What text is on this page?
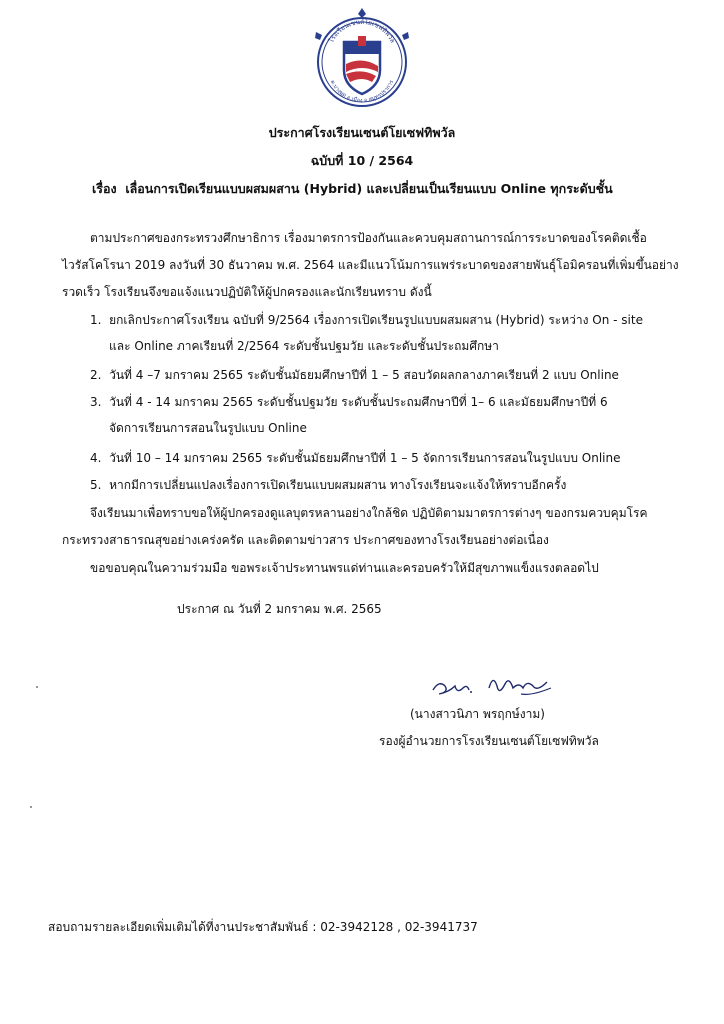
โรงเรียนเซนต์โยเซฟทิพวัล
ต.บางพูด อ.เมือง จ.สมุทรปราการ
ประกาศโรงเรียนเซนต์โยเซฟทิพวัล
ฉบับที่ 10 / 2564
เรื่อง เลื่อนการเปิดเรียนแบบผสมผสาน (Hybrid) และเปลี่ยนเป็นเรียนแบบ Online ทุกระดับชั้น
ตามประกาศของกระทรวงศึกษาธิการ เรื่องมาตรการป้องกันและควบคุมสถานการณ์การระบาดของโรคติดเชื้อ
ไวรัสโคโรนา 2019 ลงวันที่ 30 ธันวาคม พ.ศ. 2564 และมีแนวโน้มการแพร่ระบาดของสายพันธุ์โอมิครอนที่เพิ่มขึ้นอย่าง
รวดเร็ว โรงเรียนจึงขอแจ้งแนวปฏิบัติให้ผู้ปกครองและนักเรียนทราบ ดังนี้
1. ยกเลิกประกาศโรงเรียน ฉบับที่ 9/2564 เรื่องการเปิดเรียนรูปแบบผสมผสาน (Hybrid) ระหว่าง On - site
และ Online ภาคเรียนที่ 2/2564 ระดับชั้นปฐมวัย และระดับชั้นประถมศึกษา
2. วันที่ 4 –7 มกราคม 2565 ระดับชั้นมัธยมศึกษาปีที่ 1 – 5 สอบวัดผลกลางภาคเรียนที่ 2 แบบ Online
3. วันที่ 4 - 14 มกราคม 2565 ระดับชั้นปฐมวัย ระดับชั้นประถมศึกษาปีที่ 1– 6 และมัธยมศึกษาปีที่ 6
จัดการเรียนการสอนในรูปแบบ Online
4. วันที่ 10 – 14 มกราคม 2565 ระดับชั้นมัธยมศึกษาปีที่ 1 – 5 จัดการเรียนการสอนในรูปแบบ Online
5. หากมีการเปลี่ยนแปลงเรื่องการเปิดเรียนแบบผสมผสาน ทางโรงเรียนจะแจ้งให้ทราบอีกครั้ง
จึงเรียนมาเพื่อทราบขอให้ผู้ปกครองดูแลบุตรหลานอย่างใกล้ชิด ปฏิบัติตามมาตรการต่างๆ ของกรมควบคุมโรค
กระทรวงสาธารณสุขอย่างเคร่งครัด และติดตามข่าวสาร ประกาศของทางโรงเรียนอย่างต่อเนื่อง
ขอขอบคุณในความร่วมมือ ขอพระเจ้าประทานพรแด่ท่านและครอบครัวให้มีสุขภาพแข็งแรงตลอดไป
ประกาศ ณ วันที่ 2 มกราคม พ.ศ. 2565
(นางสาวนิภา พรฤกษ์งาม)
รองผู้อำนวยการโรงเรียนเซนต์โยเซฟทิพวัล
สอบถามรายละเอียดเพิ่มเติมได้ที่งานประชาสัมพันธ์ : 02-3942128 , 02-3941737
